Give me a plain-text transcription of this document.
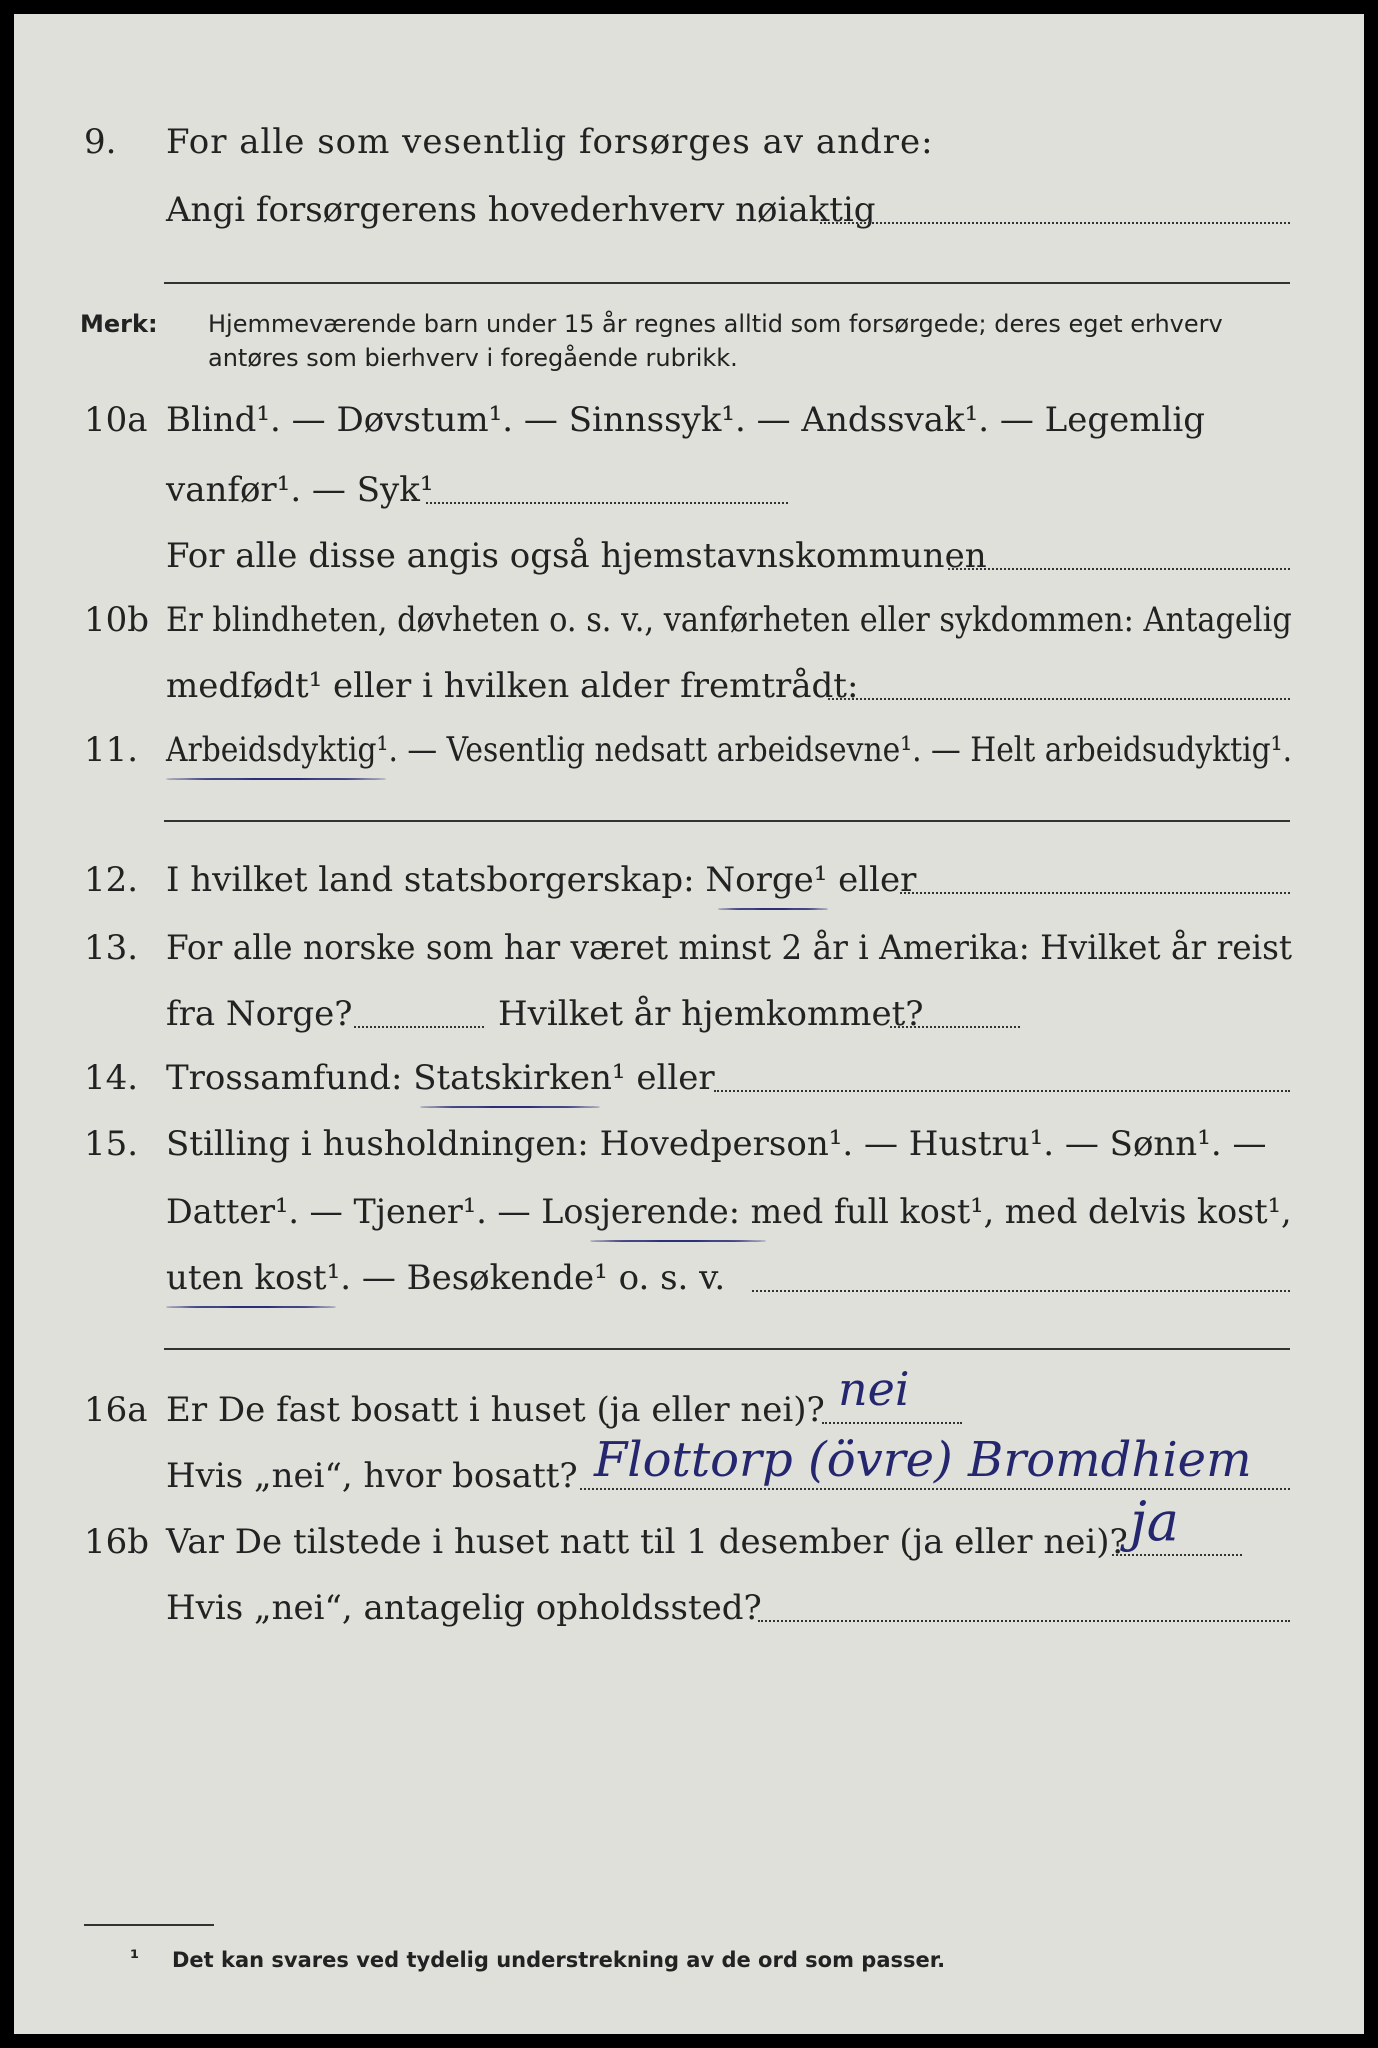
9. For alle som vesentlig forsørges av andre:
Angi forsørgerens hovederhverv nøiaktig
Merk: Hjemmeværende barn under 15 år regnes alltid som forsørgede; deres eget erhverv
antøres som bierhverv i foregående rubrikk.
10a Blind¹. — Døvstum¹. — Sinnssyk¹. — Andssvak¹. — Legemlig
vanfør¹. — Syk¹
For alle disse angis også hjemstavnskommunen
10b Er blindheten, døvheten o. s. v., vanførheten eller sykdommen: Antagelig
medfødt¹ eller i hvilken alder fremtrådt:
11. Arbeidsdyktig¹. — Vesentlig nedsatt arbeidsevne¹. — Helt arbeidsudyktig¹.
12. I hvilket land statsborgerskap: Norge¹ eller
13. For alle norske som har været minst 2 år i Amerika: Hvilket år reist
fra Norge?	Hvilket år hjemkommet?
14. Trossamfund: Statskirken¹ eller
15. Stilling i husholdningen: Hovedperson¹. — Hustru¹. — Sønn¹. —
Datter¹. — Tjener¹. — Losjerende: med full kost¹, med delvis kost¹,
uten kost¹. — Besøkende¹ o. s. v.
16a Er De fast bosatt i huset (ja eller nei)? nei
Hvis „nei“, hvor bosatt? Flottorp (övre) Bromdhiem
16b Var De tilstede i huset natt til 1 desember (ja eller nei)? ja
Hvis „nei“, antagelig opholdssted?
¹ Det kan svares ved tydelig understrekning av de ord som passer.
